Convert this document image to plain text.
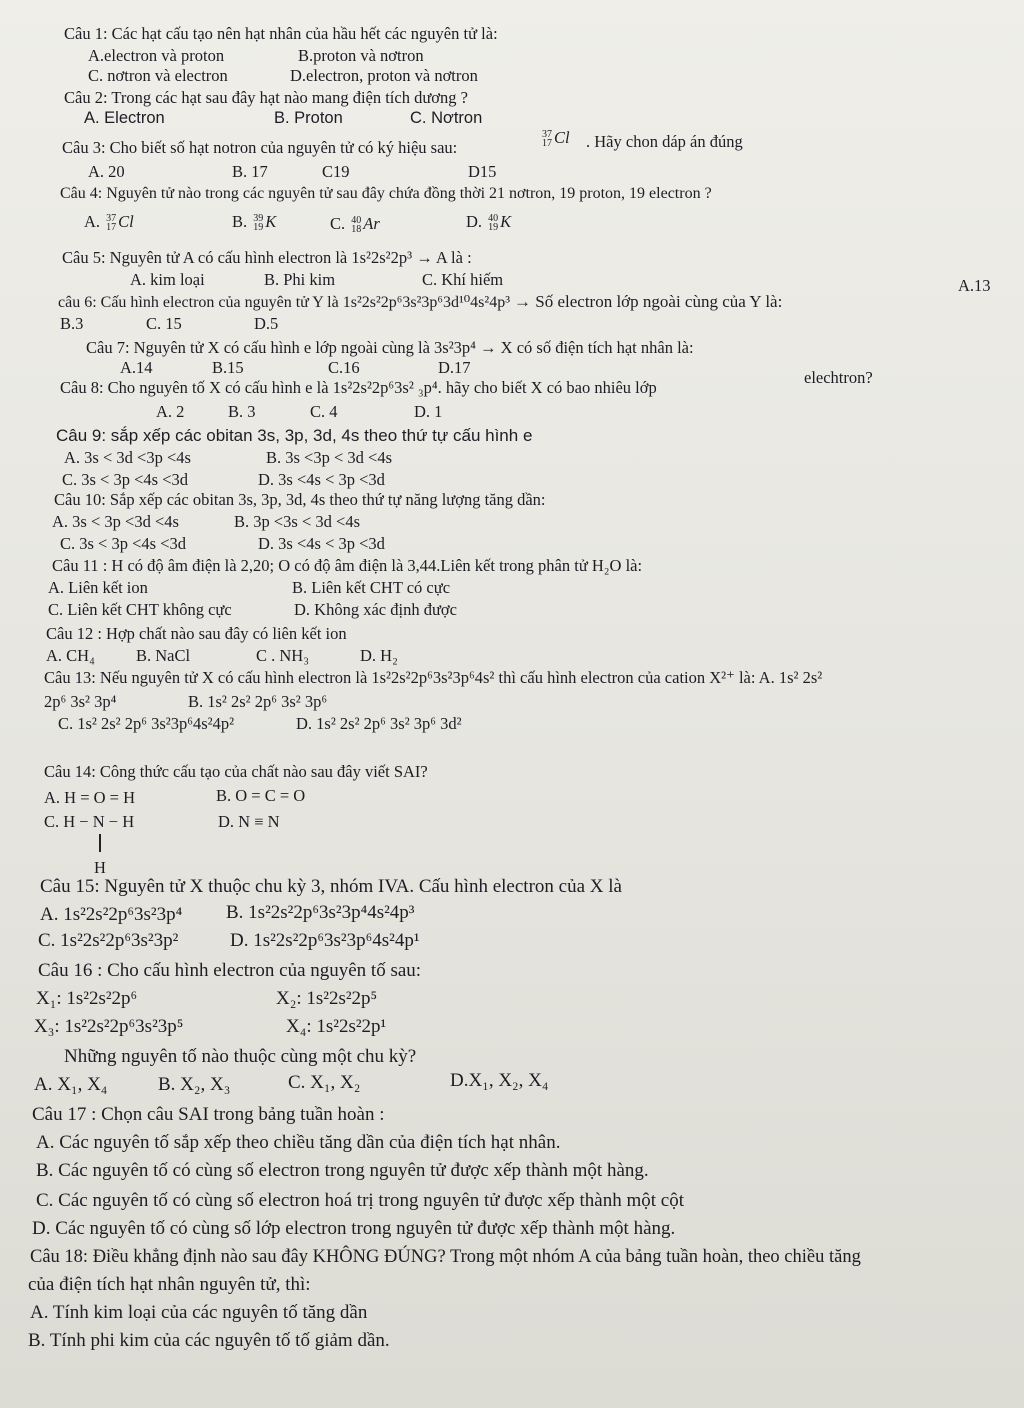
Câu 1: Các hạt cấu tạo nên hạt nhân của hầu hết các nguyên tử là:
A.electron và proton	B.proton và nơtron
C. nơtron và electron	D.electron, proton và nơtron
Câu 2: Trong các hạt sau đây hạt nào mang điện tích dương ?
A. Electron	B. Proton	C. Nơtron
Câu 3: Cho biết số hạt notron của nguyên tử có ký hiệu sau:
37
17 Cl . Hãy chon dáp án đúng
A. 20	B. 17	C19	D15
Câu 4: Nguyên tử nào trong các nguyên tử sau đây chứa đồng thời 21 nơtron, 19 proton, 19 electron ?
A. 37
17 Cl	B. 39
19 K	C. 40
18 Ar	D. 40
19 K
Câu 5: Nguyên tử A có cấu hình electron là 1s²2s²2p³ → A là :
A. kim loại	B. Phi kim	C. Khí hiếm
câu 6: Cấu hình electron của nguyên tử Y là 1s²2s²2p⁶3s²3p⁶3d¹⁰4s²4p³ → Số electron lớp ngoài cùng của Y là:
A.13
B.3	C. 15	D.5
Câu 7: Nguyên tử X có cấu hình e lớp ngoài cùng là 3s²3p⁴ → X có số điện tích hạt nhân là:
A.14	B.15	C.16	D.17
Câu 8: Cho nguyên tố X có cấu hình e là 1s²2s²2p⁶3s² ₃p⁴. hãy cho biết X có bao nhiêu lớp
elechtron?
A. 2	B. 3	C. 4	D. 1
Câu 9: sắp xếp các obitan 3s, 3p, 3d, 4s theo thứ tự cấu hình e
A. 3s < 3d <3p <4s	B. 3s <3p < 3d <4s
C. 3s < 3p <4s <3d	D. 3s <4s < 3p <3d
Câu 10: Sắp xếp các obitan 3s, 3p, 3d, 4s theo thứ tự năng lượng tăng dần:
A. 3s < 3p <3d <4s	B. 3p <3s < 3d <4s
C. 3s < 3p <4s <3d	D. 3s <4s < 3p <3d
Câu 11 : H có độ âm điện là 2,20; O có độ âm điện là 3,44.Liên kết trong phân tử H₂O là:
A. Liên kết ion	B. Liên kết CHT có cực
C. Liên kết CHT không cực	D. Không xác định được
Câu 12 : Hợp chất nào sau đây có liên kết ion
A. CH₄ B. NaCl	C . NH₃	D. H₂
Câu 13: Nếu nguyên tử X có cấu hình electron là 1s²2s²2p⁶3s²3p⁶4s² thì cấu hình electron của cation X²⁺ là: A. 1s² 2s²
2p⁶ 3s² 3p⁴	B. 1s² 2s² 2p⁶ 3s² 3p⁶
C. 1s² 2s² 2p⁶ 3s²3p⁶4s²4p²	D. 1s² 2s² 2p⁶ 3s² 3p⁶ 3d²
Câu 14: Công thức cấu tạo của chất nào sau đây viết SAI?
A. H = O = H	B. O = C = O
C. H − N − H
H
D. N ≡ N
Câu 15: Nguyên tử X thuộc chu kỳ 3, nhóm IVA. Cấu hình electron của X là
A. 1s²2s²2p⁶3s²3p⁴ B. 1s²2s²2p⁶3s²3p⁴4s²4p³
C. 1s²2s²2p⁶3s²3p²	D. 1s²2s²2p⁶3s²3p⁶4s²4p¹
Câu 16 : Cho cấu hình electron của nguyên tố sau:
X₁: 1s²2s²2p⁶	X₂: 1s²2s²2p⁵
X₃: 1s²2s²2p⁶3s²3p⁵	X₄: 1s²2s²2p¹
Những nguyên tố nào thuộc cùng một chu kỳ?
A. X₁, X₄	B. X₂, X₃	C. X₁, X₂	D.X₁, X₂, X₄
Câu 17 : Chọn câu SAI trong bảng tuần hoàn :
A. Các nguyên tố sắp xếp theo chiều tăng dần của điện tích hạt nhân.
B. Các nguyên tố có cùng số electron trong nguyên tử được xếp thành một hàng.
C. Các nguyên tố có cùng số electron hoá trị trong nguyên tử được xếp thành một cột
D. Các nguyên tố có cùng số lớp electron trong nguyên tử được xếp thành một hàng.
Câu 18: Điều khẳng định nào sau đây KHÔNG ĐÚNG? Trong một nhóm A của bảng tuần hoàn, theo chiều tăng
của điện tích hạt nhân nguyên tử, thì:
A. Tính kim loại của các nguyên tố tăng dần
B. Tính phi kim của các nguyên tố tố giảm dần.
